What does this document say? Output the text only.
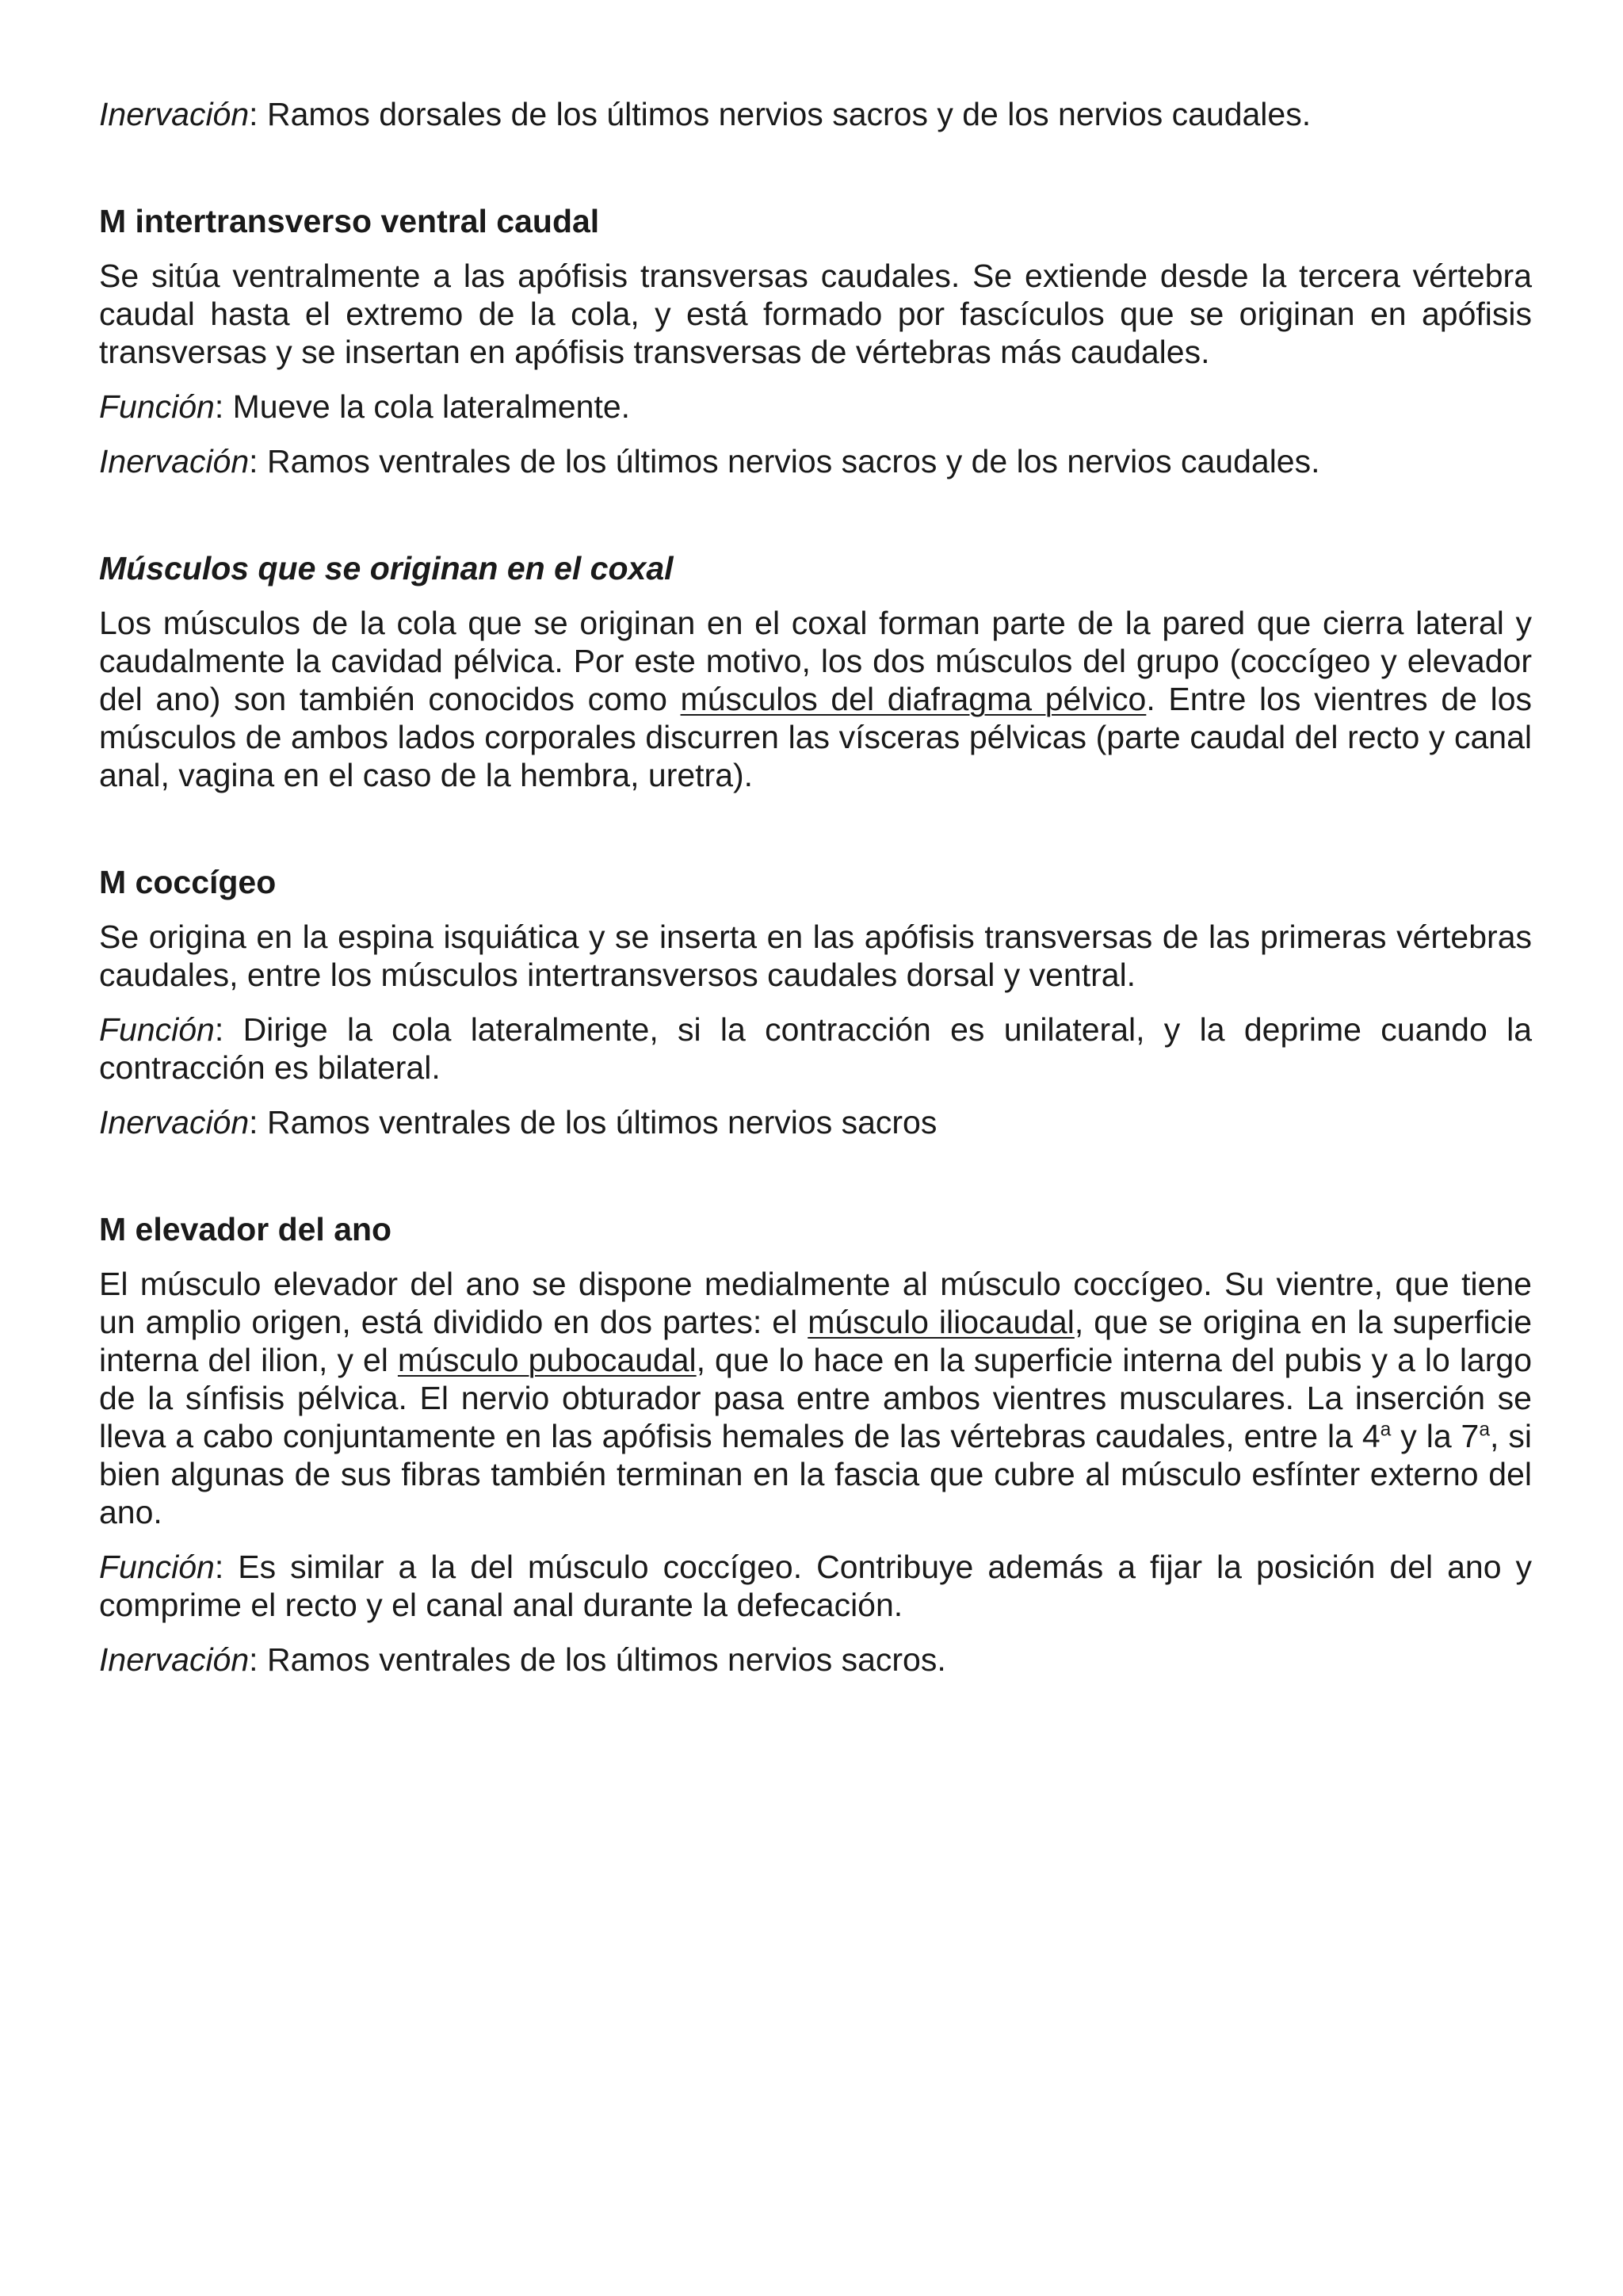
Inervación: Ramos dorsales de los últimos nervios sacros y de los nervios caudales.

M intertransverso ventral caudal

Se sitúa ventralmente a las apófisis transversas caudales. Se extiende desde la tercera vértebra caudal hasta el extremo de la cola, y está formado por fascículos que se originan en apófisis transversas y se insertan en apófisis transversas de vértebras más caudales.

Función: Mueve la cola lateralmente.

Inervación: Ramos ventrales de los últimos nervios sacros y de los nervios caudales.

Músculos que se originan en el coxal

Los músculos de la cola que se originan en el coxal forman parte de la pared que cierra lateral y caudalmente la cavidad pélvica. Por este motivo, los dos músculos del grupo (coccígeo y elevador del ano) son también conocidos como músculos del diafragma pélvico. Entre los vientres de los músculos de ambos lados corporales discurren las vísceras pélvicas (parte caudal del recto y canal anal, vagina en el caso de la hembra, uretra).

M coccígeo

Se origina en la espina isquiática y se inserta en las apófisis transversas de las primeras vértebras caudales, entre los músculos intertransversos caudales dorsal y ventral.

Función: Dirige la cola lateralmente, si la contracción es unilateral, y la deprime cuando la contracción es bilateral.

Inervación: Ramos ventrales de los últimos nervios sacros

M elevador del ano

El músculo elevador del ano se dispone medialmente al músculo coccígeo. Su vientre, que tiene un amplio origen, está dividido en dos partes: el músculo iliocaudal, que se origina en la superficie interna del ilion, y el músculo pubocaudal, que lo hace en la superficie interna del pubis y a lo largo de la sínfisis pélvica. El nervio obturador pasa entre ambos vientres musculares. La inserción se lleva a cabo conjuntamente en las apófisis hemales de las vértebras caudales, entre la 4$^a$ y la 7$^a$, si bien algunas de sus fibras también terminan en la fascia que cubre al músculo esfínter externo del ano.

Función: Es similar a la del músculo coccígeo. Contribuye además a fijar la posición del ano y comprime el recto y el canal anal durante la defecación.

Inervación: Ramos ventrales de los últimos nervios sacros.
